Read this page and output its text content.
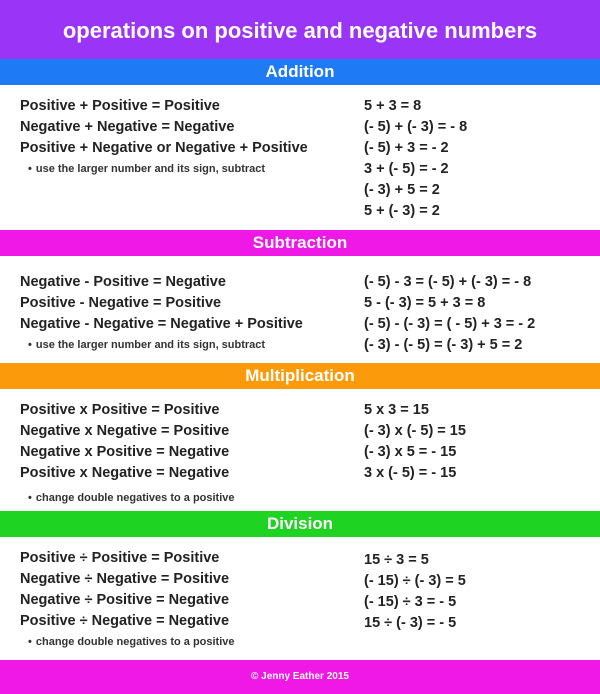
operations on positive and negative numbers
Addition
Positive + Positive = Positive
Negative + Negative = Negative
Positive + Negative or Negative + Positive
• use the larger number and its sign, subtract
5 + 3 = 8
(- 5) + (- 3) = - 8
(- 5) + 3 = - 2
3 + (- 5) = - 2
(- 3) + 5 = 2
5 + (- 3) = 2
Subtraction
Negative - Positive = Negative
Positive - Negative = Positive
Negative - Negative = Negative + Positive
• use the larger number and its sign, subtract
(- 5) - 3 = (- 5) + (- 3) = - 8
5 - (- 3) = 5 + 3 = 8
(- 5) - (- 3) = ( - 5) + 3 = - 2
(- 3) - (- 5) = (- 3) + 5 = 2
Multiplication
Positive x Positive = Positive
Negative x Negative = Positive
Negative x Positive = Negative
Positive x Negative = Negative
• change double negatives to a positive
5 x 3 = 15
(- 3) x (- 5) = 15
(- 3) x 5 = - 15
3 x (- 5) = - 15
Division
Positive ÷ Positive = Positive
Negative ÷ Negative = Positive
Negative ÷ Positive = Negative
Positive ÷ Negative = Negative
• change double negatives to a positive
15 ÷ 3 = 5
(- 15) ÷ (- 3) = 5
(- 15) ÷ 3 = - 5
15 ÷ (- 3) = - 5
© Jenny Eather 2015
